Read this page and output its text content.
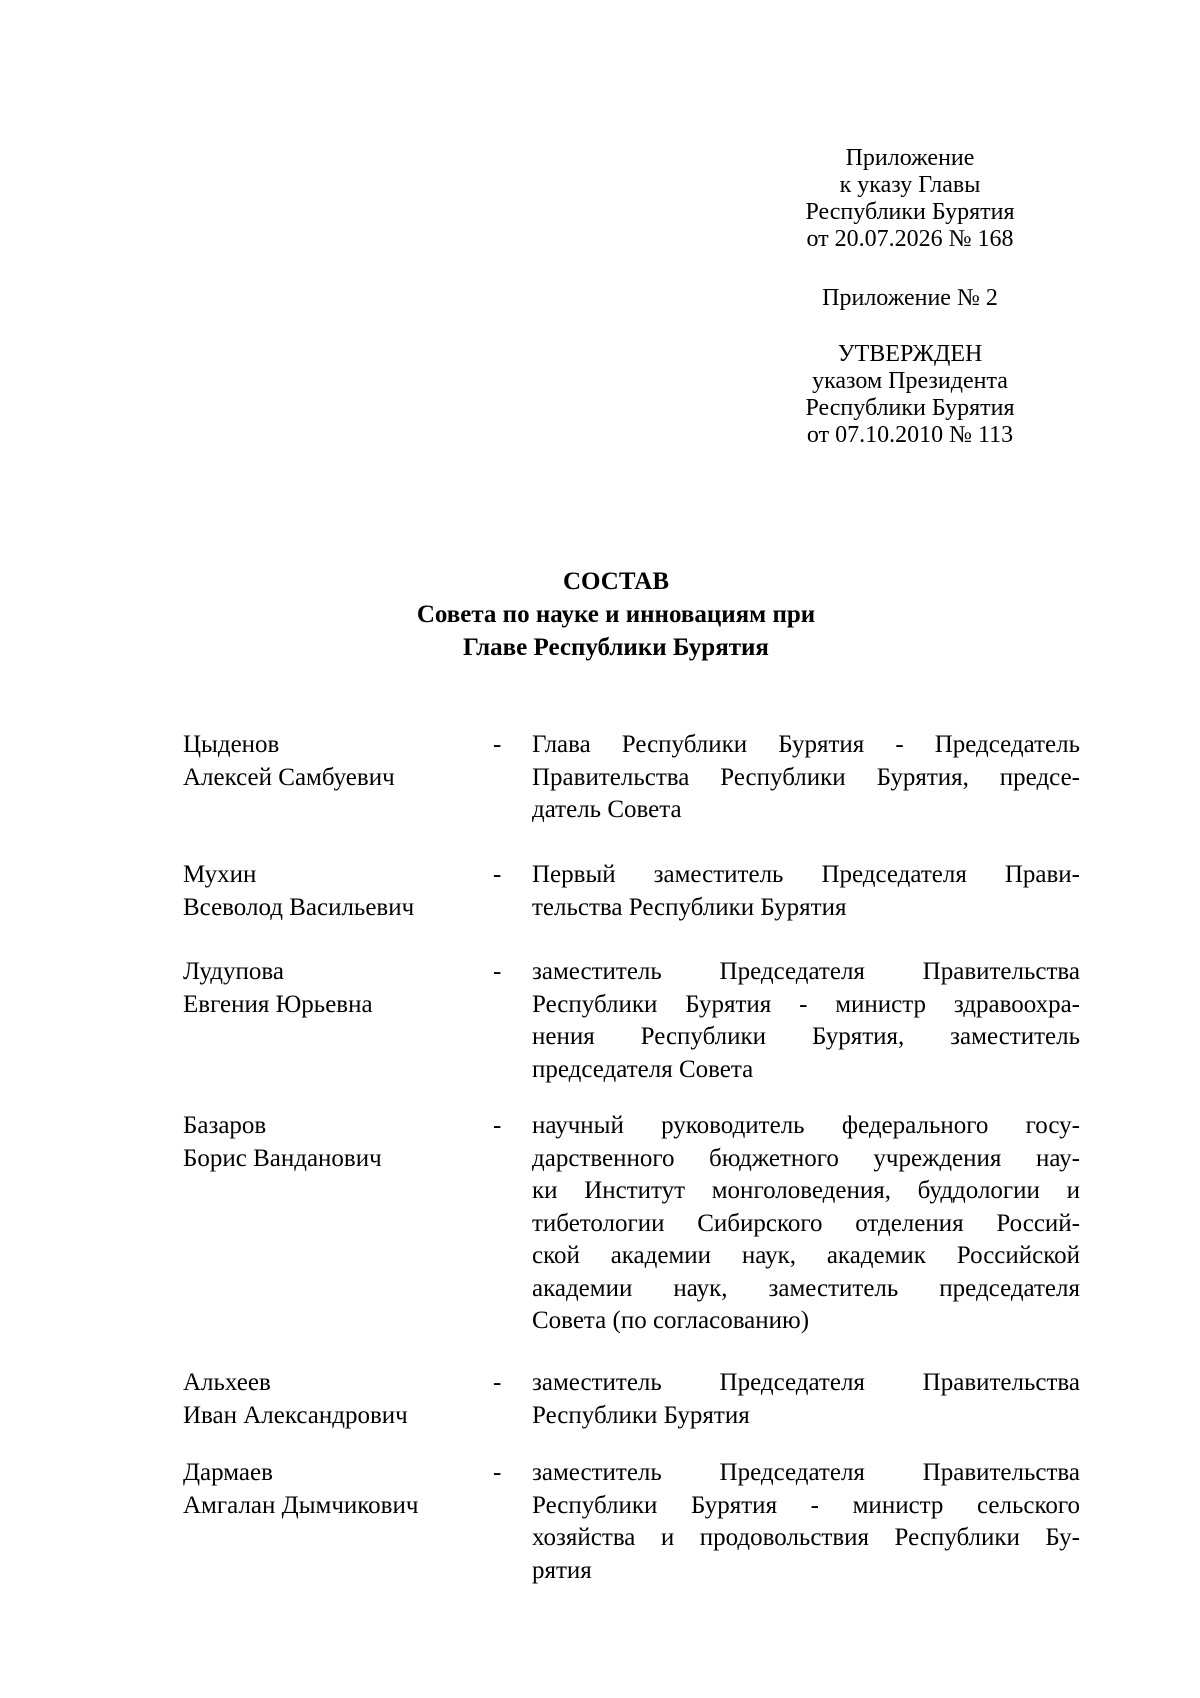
Приложение
к указу Главы
Республики Бурятия
от 20.07.2026 № 168
Приложение № 2
УТВЕРЖДЕН
указом Президента
Республики Бурятия
от 07.10.2010 № 113
СОСТАВ
Совета по науке и инновациям при
Главе Республики Бурятия
Цыденов
Алексей Самбуевич
- Глава Республики Бурятия - Председатель
Правительства Республики Бурятия, предсе-
датель Совета
Мухин
Всеволод Васильевич
- Первый заместитель Председателя Прави-
тельства Республики Бурятия
Лудупова
Евгения Юрьевна
- заместитель Председателя Правительства
Республики Бурятия - министр здравоохра-
нения Республики Бурятия, заместитель
председателя Совета
Базаров
Борис Ванданович
- научный руководитель федерального госу-
дарственного бюджетного учреждения нау-
ки Институт монголоведения, буддологии и
тибетологии Сибирского отделения Россий-
ской академии наук, академик Российской
академии наук, заместитель председателя
Совета (по согласованию)
Альхеев
Иван Александрович
- заместитель Председателя Правительства
Республики Бурятия
Дармаев
Амгалан Дымчикович
- заместитель Председателя Правительства
Республики Бурятия - министр сельского
хозяйства и продовольствия Республики Бу-
рятия
